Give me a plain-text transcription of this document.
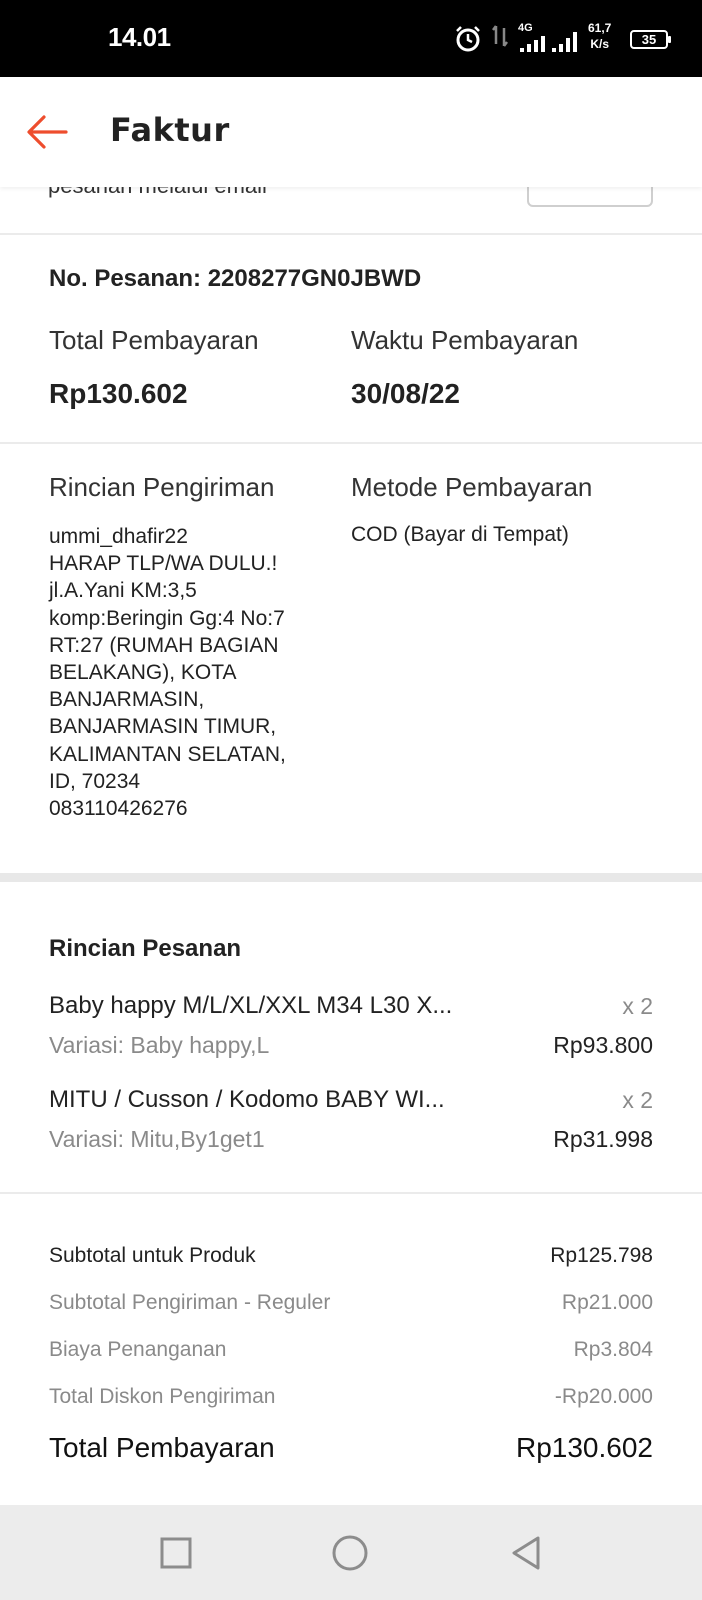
14.01	4G	61,7
K/s	35
Faktur
No. Pesanan: 2208277GN0JBWD
Total Pembayaran	Waktu Pembayaran
Rp130.602	30/08/22
Rincian Pengiriman	Metode Pembayaran
ummi_dhafir22
HARAP TLP/WA DULU.!
jl.A.Yani KM:3,5
komp:Beringin Gg:4 No:7
RT:27 (RUMAH BAGIAN
BELAKANG), KOTA
BANJARMASIN,
BANJARMASIN TIMUR,
KALIMANTAN SELATAN,
ID, 70234
083110426276
COD (Bayar di Tempat)
Rincian Pesanan
Baby happy M/L/XL/XXL M34 L30 X...	x 2
Variasi: Baby happy,L	Rp93.800
MITU / Cusson / Kodomo BABY WI...	x 2
Variasi: Mitu,By1get1	Rp31.998
Subtotal untuk Produk	Rp125.798
Subtotal Pengiriman - Reguler	Rp21.000
Biaya Penanganan	Rp3.804
Total Diskon Pengiriman	-Rp20.000
Total Pembayaran	Rp130.602
